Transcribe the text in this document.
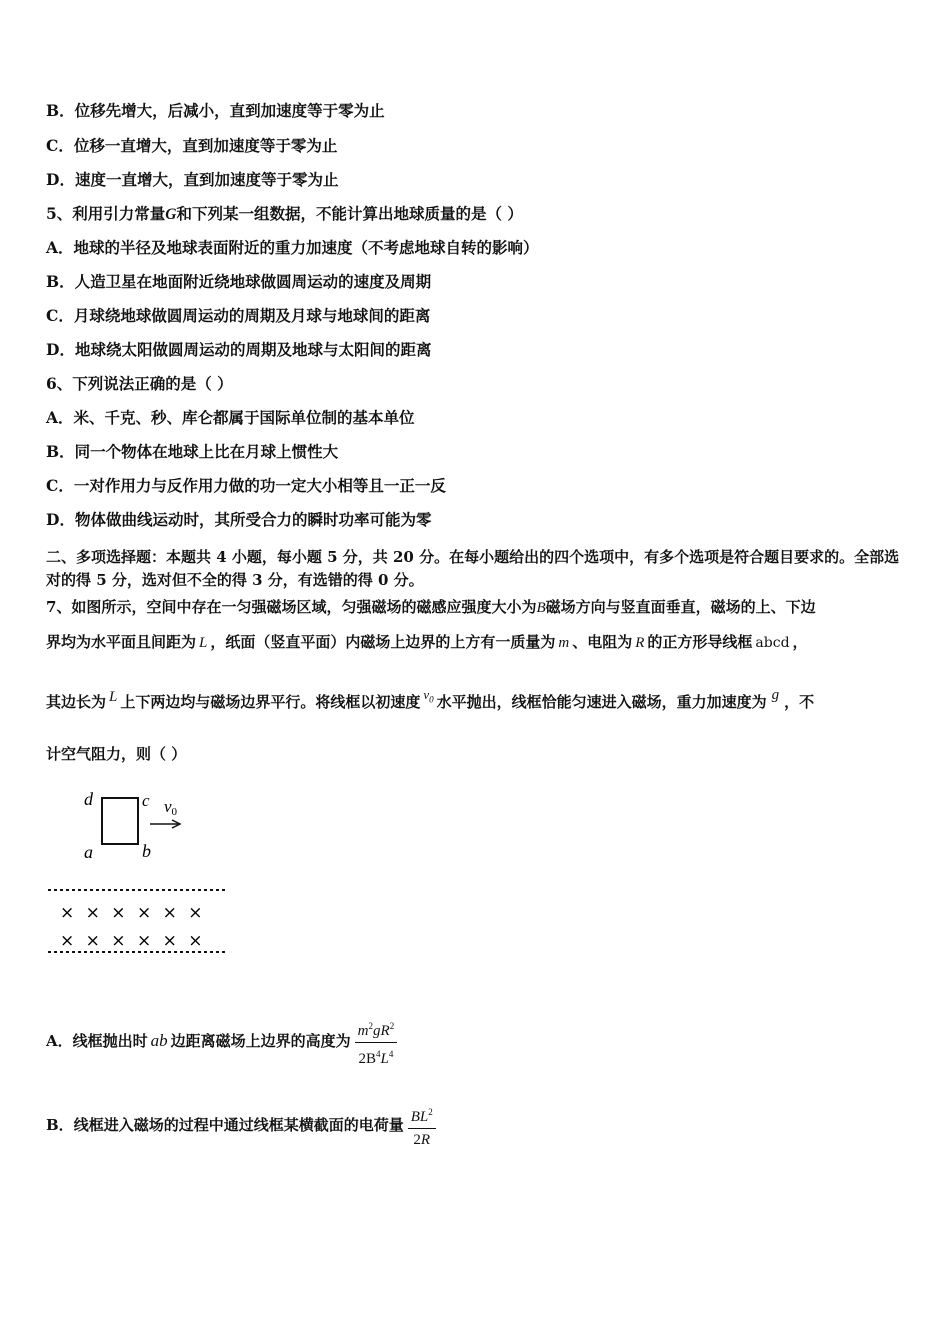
B．位移先增大，后减小，直到加速度等于零为止
C．位移一直增大，直到加速度等于零为止
D．速度一直增大，直到加速度等于零为止
5、利用引力常量G和下列某一组数据，不能计算出地球质量的是（ ）
A．地球的半径及地球表面附近的重力加速度（不考虑地球自转的影响）
B．人造卫星在地面附近绕地球做圆周运动的速度及周期
C．月球绕地球做圆周运动的周期及月球与地球间的距离
D．地球绕太阳做圆周运动的周期及地球与太阳间的距离
6、下列说法正确的是（ ）
A．米、千克、秒、库仑都属于国际单位制的基本单位
B．同一个物体在地球上比在月球上惯性大
C．一对作用力与反作用力做的功一定大小相等且一正一反
D．物体做曲线运动时，其所受合力的瞬时功率可能为零
二、多项选择题：本题共 4 小题，每小题 5 分，共 20 分。在每小题给出的四个选项中，有多个选项是符合题目要求的。全部选对的得 5 分，选对但不全的得 3 分，有选错的得 0 分。
7、如图所示，空间中存在一匀强磁场区域，匀强磁场的磁感应强度大小为B磁场方向与竖直面垂直，磁场的上、下边
界均为水平面且间距为 L ，纸面（竖直平面）内磁场上边界的上方有一质量为 m 、电阻为 R 的正方形导线框 abcd ，
其边长为 L 上下两边均与磁场边界平行。将线框以初速度 $v_0$ 水平抛出，线框恰能匀速进入磁场，重力加速度为 g ，不
计空气阻力，则（ ）
d	c
a	b
v0
× × × × × ×
× × × × × ×
A．线框抛出时 ab 边距离磁场上边界的高度为 $\frac{m^2gR^2}{2B^4L^4}$
B．线框进入磁场的过程中通过线框某横截面的电荷量 $\frac{BL^2}{2R}$
